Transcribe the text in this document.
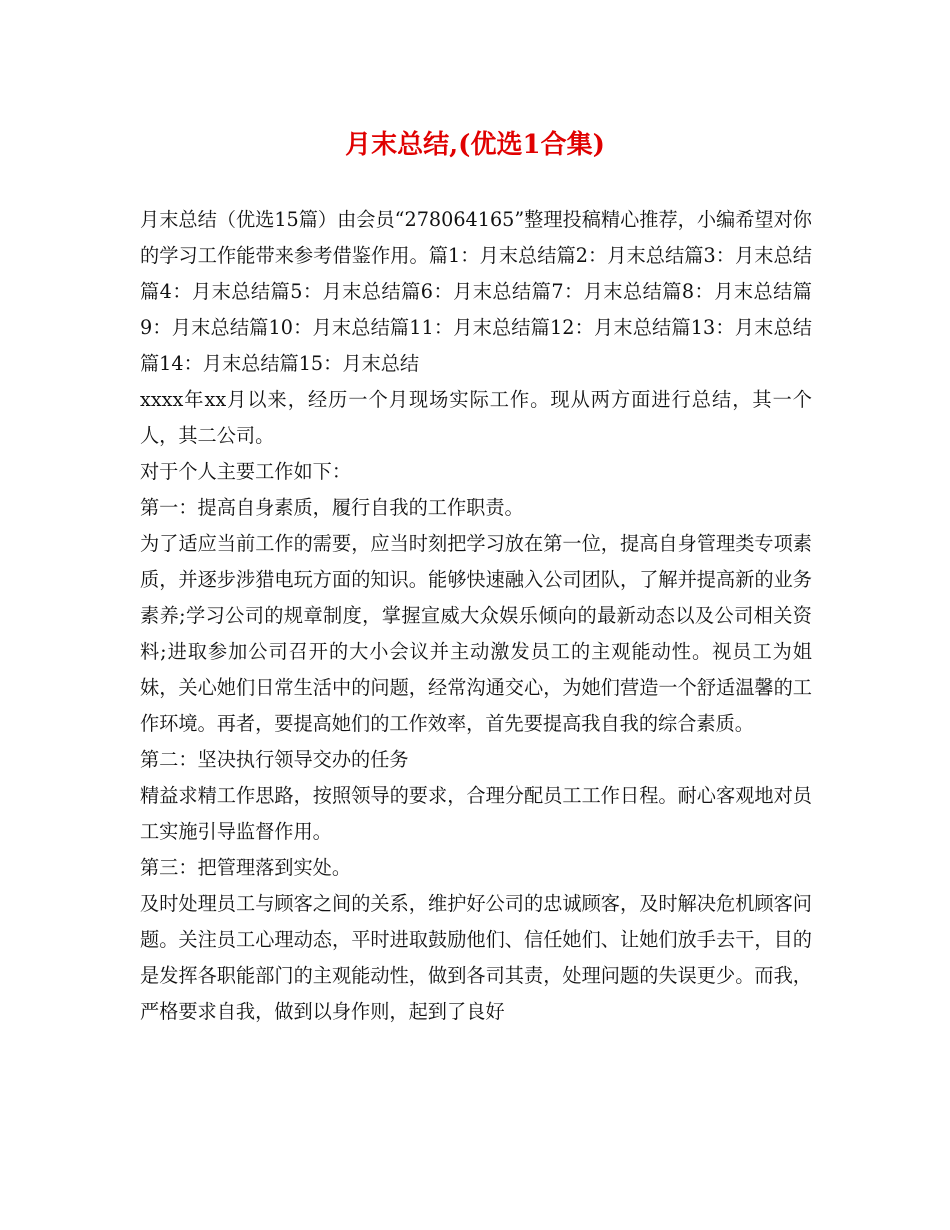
月末总结,(优选1合集)

月末总结（优选15篇）由会员“278064165”整理投稿精心推荐，小编希望对你的学习工作能带来参考借鉴作用。篇1：月末总结篇2：月末总结篇3：月末总结篇4：月末总结篇5：月末总结篇6：月末总结篇7：月末总结篇8：月末总结篇9：月末总结篇10：月末总结篇11：月末总结篇12：月末总结篇13：月末总结篇14：月末总结篇15：月末总结

xxxx年xx月以来，经历一个月现场实际工作。现从两方面进行总结，其一个人，其二公司。

对于个人主要工作如下：

第一：提高自身素质，履行自我的工作职责。

为了适应当前工作的需要，应当时刻把学习放在第一位，提高自身管理类专项素质，并逐步涉猎电玩方面的知识。能够快速融入公司团队，了解并提高新的业务素养;学习公司的规章制度，掌握宣威大众娱乐倾向的最新动态以及公司相关资料;进取参加公司召开的大小会议并主动激发员工的主观能动性。视员工为姐妹，关心她们日常生活中的问题，经常沟通交心，为她们营造一个舒适温馨的工作环境。再者，要提高她们的工作效率，首先要提高我自我的综合素质。

第二：坚决执行领导交办的任务

精益求精工作思路，按照领导的要求，合理分配员工工作日程。耐心客观地对员工实施引导监督作用。

第三：把管理落到实处。

及时处理员工与顾客之间的关系，维护好公司的忠诚顾客，及时解决危机顾客问题。关注员工心理动态，平时进取鼓励他们、信任她们、让她们放手去干，目的是发挥各职能部门的主观能动性，做到各司其责，处理问题的失误更少。而我，严格要求自我，做到以身作则，起到了良好
